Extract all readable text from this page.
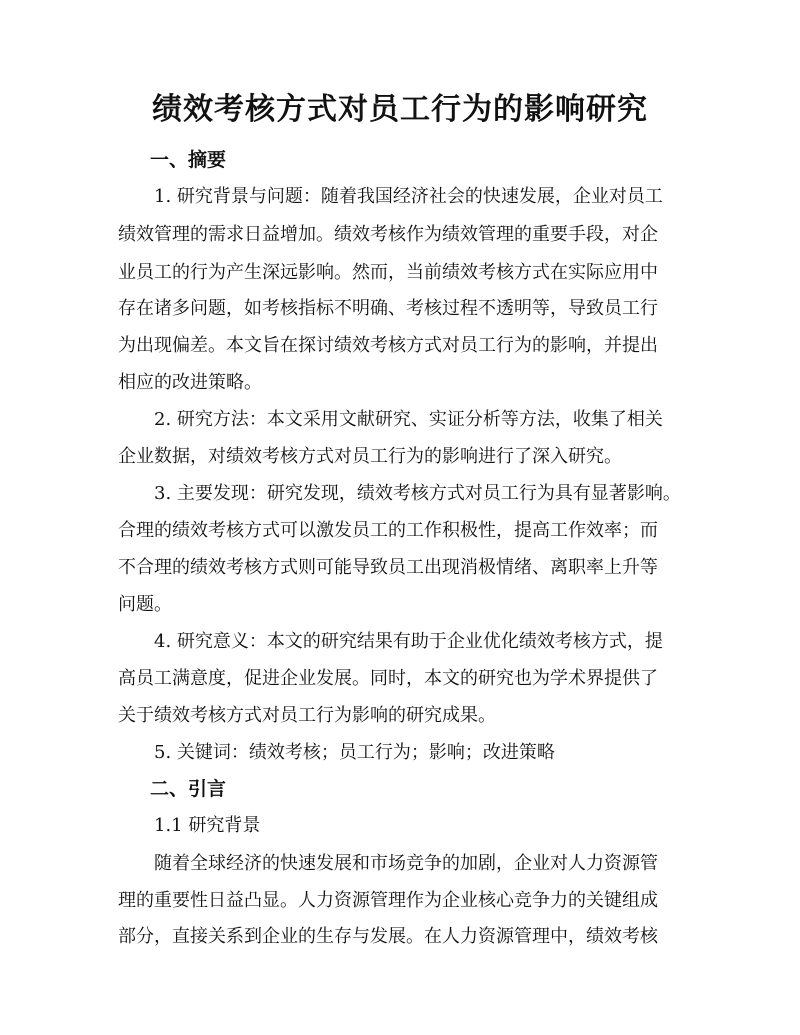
绩效考核方式对员工行为的影响研究
一、摘要

1. 研究背景与问题：随着我国经济社会的快速发展，企业对员工

绩效管理的需求日益增加。绩效考核作为绩效管理的重要手段，对企

业员工的行为产生深远影响。然而，当前绩效考核方式在实际应用中

存在诸多问题，如考核指标不明确、考核过程不透明等，导致员工行

为出现偏差。本文旨在探讨绩效考核方式对员工行为的影响，并提出

相应的改进策略。

2. 研究方法：本文采用文献研究、实证分析等方法，收集了相关

企业数据，对绩效考核方式对员工行为的影响进行了深入研究。

3. 主要发现：研究发现，绩效考核方式对员工行为具有显著影响。

合理的绩效考核方式可以激发员工的工作积极性，提高工作效率；而

不合理的绩效考核方式则可能导致员工出现消极情绪、离职率上升等

问题。

4. 研究意义：本文的研究结果有助于企业优化绩效考核方式，提

高员工满意度，促进企业发展。同时，本文的研究也为学术界提供了

关于绩效考核方式对员工行为影响的研究成果。

5. 关键词：绩效考核；员工行为；影响；改进策略

二、引言

1.1 研究背景

随着全球经济的快速发展和市场竞争的加剧，企业对人力资源管

理的重要性日益凸显。人力资源管理作为企业核心竞争力的关键组成

部分，直接关系到企业的生存与发展。在人力资源管理中，绩效考核
